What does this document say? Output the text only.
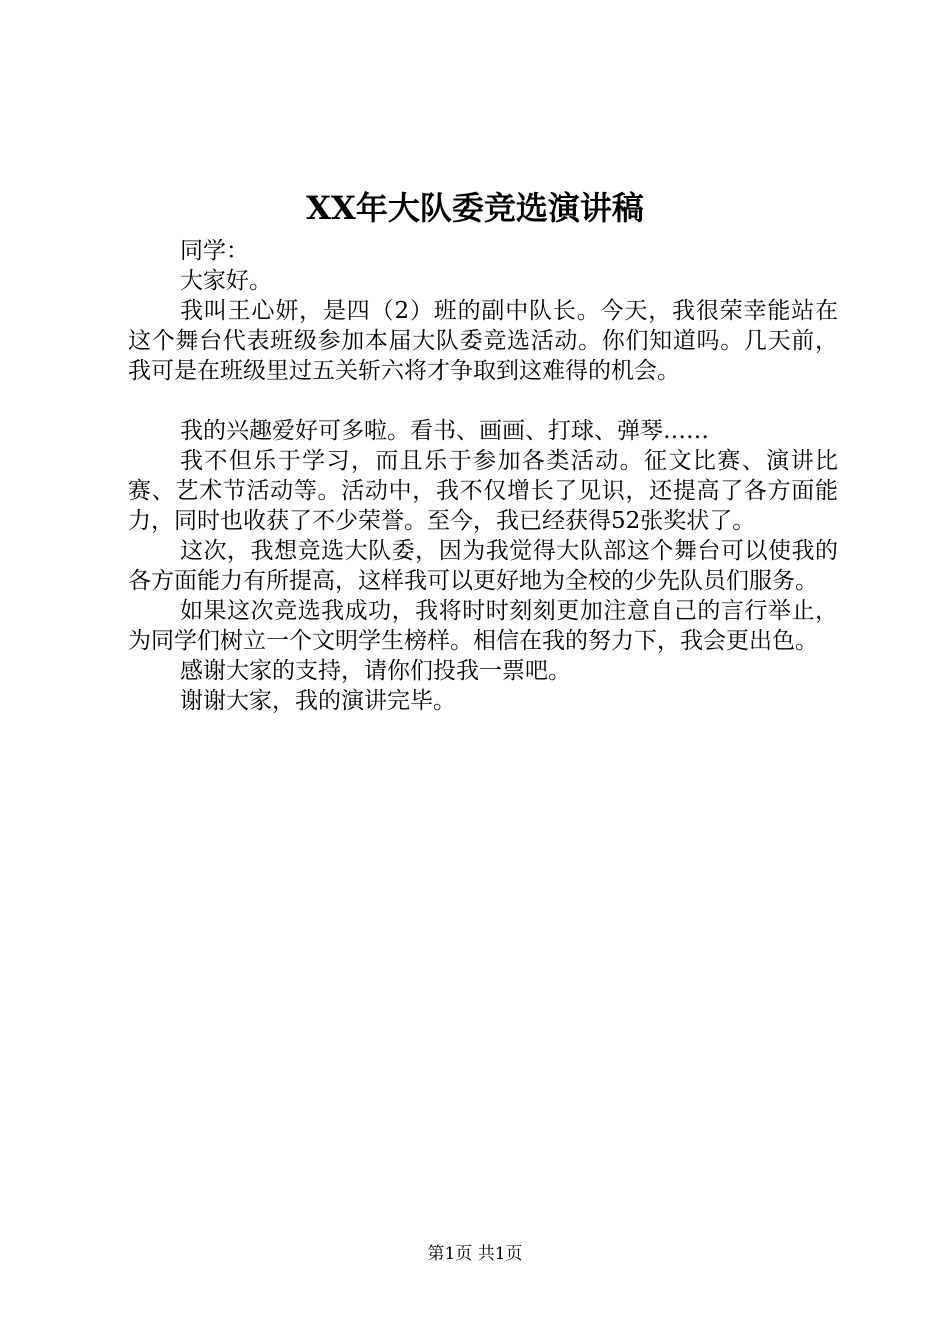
XX年大队委竞选演讲稿

同学：

大家好。

我叫王心妍，是四（2）班的副中队长。今天，我很荣幸能站在这个舞台代表班级参加本届大队委竞选活动。你们知道吗。几天前，我可是在班级里过五关斩六将才争取到这难得的机会。

我的兴趣爱好可多啦。看书、画画、打球、弹琴……

我不但乐于学习，而且乐于参加各类活动。征文比赛、演讲比赛、艺术节活动等。活动中，我不仅增长了见识，还提高了各方面能力，同时也收获了不少荣誉。至今，我已经获得52张奖状了。

这次，我想竞选大队委，因为我觉得大队部这个舞台可以使我的各方面能力有所提高，这样我可以更好地为全校的少先队员们服务。

如果这次竞选我成功，我将时时刻刻更加注意自己的言行举止，为同学们树立一个文明学生榜样。相信在我的努力下，我会更出色。

感谢大家的支持，请你们投我一票吧。

谢谢大家，我的演讲完毕。

第1页 共1页
